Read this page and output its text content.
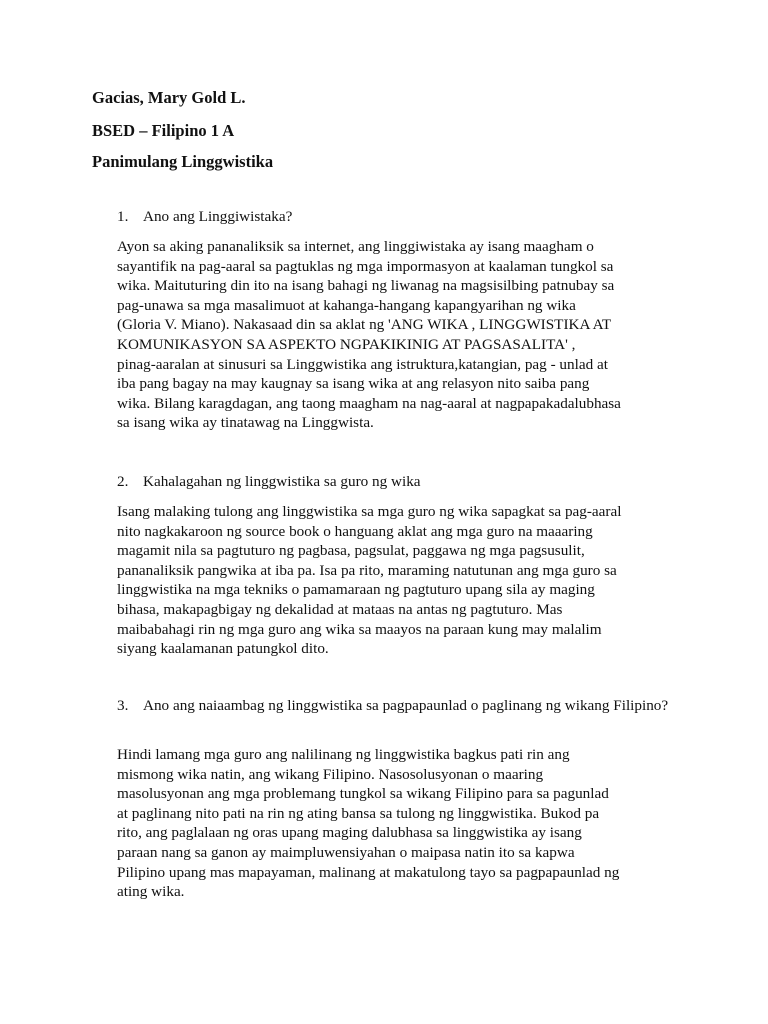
Gacias, Mary Gold L.
BSED – Filipino 1 A
Panimulang Linggwistika
1. Ano ang Linggiwistaka?
Ayon sa aking pananaliksik sa internet, ang linggiwistaka ay isang maagham o
sayantifik na pag-aaral sa pagtuklas ng mga impormasyon at kaalaman tungkol sa
wika. Maituturing din ito na isang bahagi ng liwanag na magsisilbing patnubay sa
pag-unawa sa mga masalimuot at kahanga-hangang kapangyarihan ng wika
(Gloria V. Miano). Nakasaad din sa aklat ng 'ANG WIKA , LINGGWISTIKA AT
KOMUNIKASYON SA ASPEKTO NGPAKIKINIG AT PAGSASALITA' ,
pinag-aaralan at sinusuri sa Linggwistika ang istruktura,katangian, pag - unlad at
iba pang bagay na may kaugnay sa isang wika at ang relasyon nito saiba pang
wika. Bilang karagdagan, ang taong maagham na nag-aaral at nagpapakadalubhasa
sa isang wika ay tinatawag na Linggwista.
2. Kahalagahan ng linggwistika sa guro ng wika
Isang malaking tulong ang linggwistika sa mga guro ng wika sapagkat sa pag-aaral
nito nagkakaroon ng source book o hanguang aklat ang mga guro na maaaring
magamit nila sa pagtuturo ng pagbasa, pagsulat, paggawa ng mga pagsusulit,
pananaliksik pangwika at iba pa. Isa pa rito, maraming natutunan ang mga guro sa
linggwistika na mga tekniks o pamamaraan ng pagtuturo upang sila ay maging
bihasa, makapagbigay ng dekalidad at mataas na antas ng pagtuturo. Mas
maibabahagi rin ng mga guro ang wika sa maayos na paraan kung may malalim
siyang kaalamanan patungkol dito.
3. Ano ang naiaambag ng linggwistika sa pagpapaunlad o paglinang ng wikang Filipino?
Hindi lamang mga guro ang nalilinang ng linggwistika bagkus pati rin ang
mismong wika natin, ang wikang Filipino. Nasosolusyonan o maaring
masolusyonan ang mga problemang tungkol sa wikang Filipino para sa pagunlad
at paglinang nito pati na rin ng ating bansa sa tulong ng linggwistika. Bukod pa
rito, ang paglalaan ng oras upang maging dalubhasa sa linggwistika ay isang
paraan nang sa ganon ay maimpluwensiyahan o maipasa natin ito sa kapwa
Pilipino upang mas mapayaman, malinang at makatulong tayo sa pagpapaunlad ng
ating wika.
